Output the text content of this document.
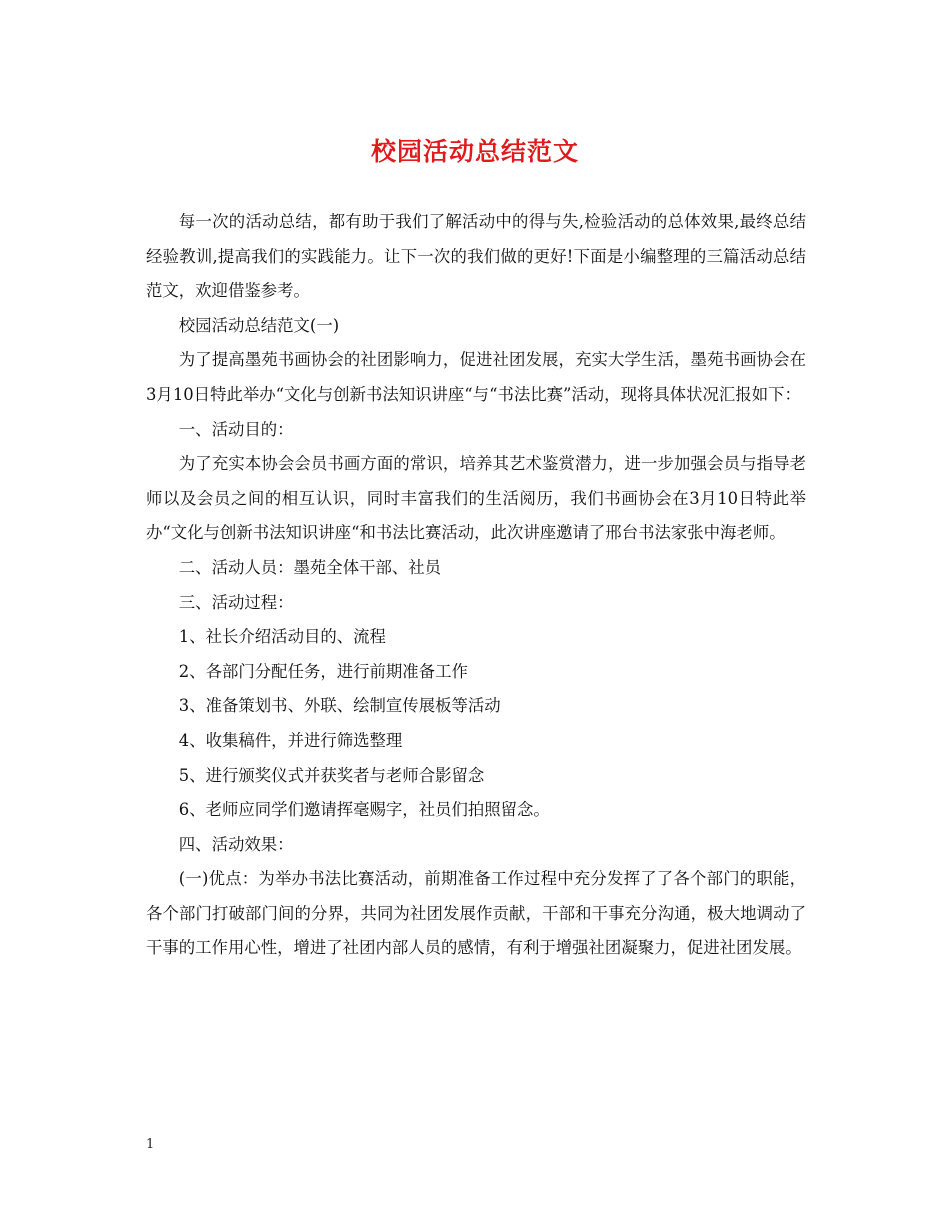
校园活动总结范文

每一次的活动总结，都有助于我们了解活动中的得与失,检验活动的总体效果,最终总结经验教训,提高我们的实践能力。让下一次的我们做的更好!下面是小编整理的三篇活动总结范文，欢迎借鉴参考。

校园活动总结范文(一)

为了提高墨苑书画协会的社团影响力，促进社团发展，充实大学生活，墨苑书画协会在3月10日特此举办“文化与创新书法知识讲座“与“书法比赛”活动，现将具体状况汇报如下：

一、活动目的：

为了充实本协会会员书画方面的常识，培养其艺术鉴赏潜力，进一步加强会员与指导老师以及会员之间的相互认识，同时丰富我们的生活阅历，我们书画协会在3月10日特此举办“文化与创新书法知识讲座“和书法比赛活动，此次讲座邀请了邢台书法家张中海老师。

二、活动人员：墨苑全体干部、社员

三、活动过程：

1、社长介绍活动目的、流程

2、各部门分配任务，进行前期准备工作

3、准备策划书、外联、绘制宣传展板等活动

4、收集稿件，并进行筛选整理

5、进行颁奖仪式并获奖者与老师合影留念

6、老师应同学们邀请挥毫赐字，社员们拍照留念。

四、活动效果：

(一)优点：为举办书法比赛活动，前期准备工作过程中充分发挥了了各个部门的职能，各个部门打破部门间的分界，共同为社团发展作贡献，干部和干事充分沟通，极大地调动了干事的工作用心性，增进了社团内部人员的感情，有利于增强社团凝聚力，促进社团发展。

1
